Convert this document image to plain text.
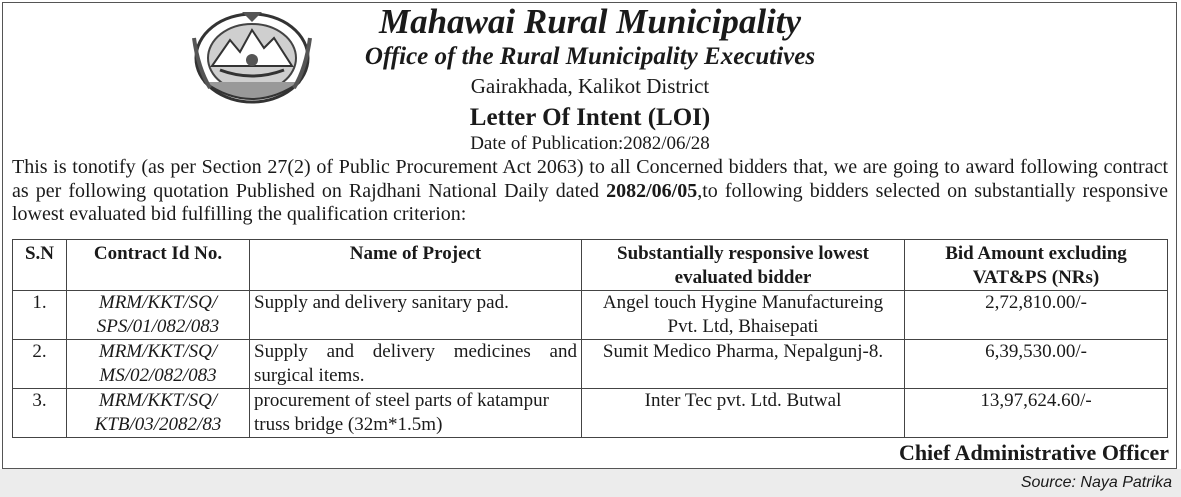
Mahawai Rural Municipality
Office of the Rural Municipality Executives
Gairakhada, Kalikot District
Letter Of Intent (LOI)
Date of Publication:2082/06/28

This is tonotify (as per Section 27(2) of Public Procurement Act 2063) to all Concerned bidders that, we are going to award following contract as per following quotation Published on Rajdhani National Daily dated 2082/06/05,to following bidders selected on substantially responsive lowest evaluated bid fulfilling the qualification criterion:

S.N	Contract Id No.	Name of Project	Substantially responsive lowest evaluated bidder	Bid Amount excluding VAT&PS (NRs)
1.	MRM/KKT/SQ/ SPS/01/082/083	Supply and delivery sanitary pad.	Angel touch Hygine Manufactureing Pvt. Ltd, Bhaisepati	2,72,810.00/-
2.	MRM/KKT/SQ/ MS/02/082/083	Supply and delivery medicines and surgical items.	Sumit Medico Pharma, Nepalgunj-8.	6,39,530.00/-
3.	MRM/KKT/SQ/ KTB/03/2082/83	procurement of steel parts of katampur truss bridge (32m*1.5m)	Inter Tec pvt. Ltd. Butwal	13,97,624.60/-
Chief Administrative Officer
Source: Naya Patrika
